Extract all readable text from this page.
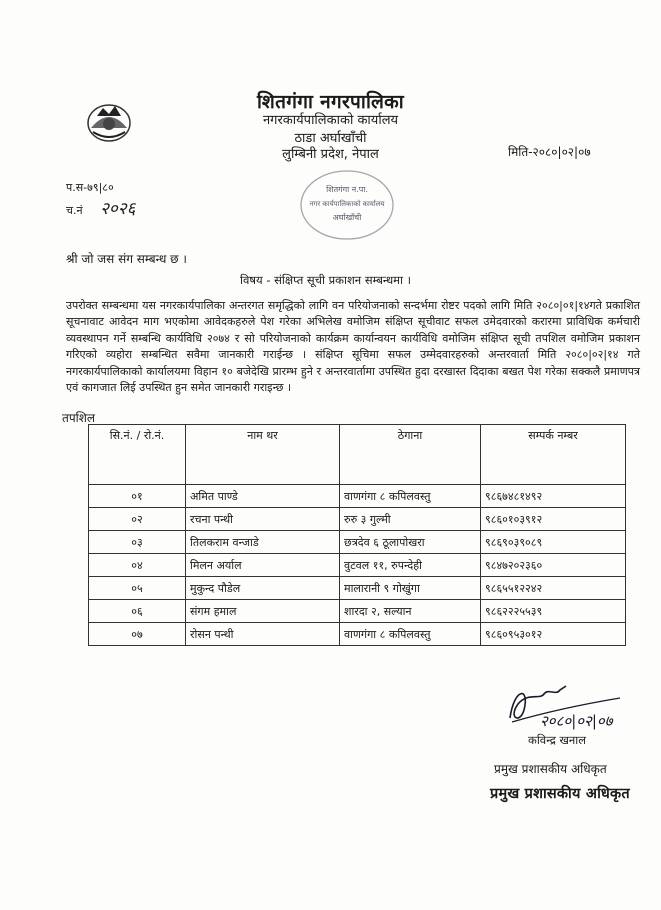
शितगंगा नगरपालिका
नगरकार्यपालिकाको कार्यालय
ठाडा अर्घाखाँची
लुम्बिनी प्रदेश, नेपाल	मिति-२०८०|०२|०७
प.स-७९|८०
च.नं २०२६
शितगंगा न.पा.
नगर कार्यपालिकाको कार्यालय
अर्घाखाँची
श्री जो जस संग सम्बन्ध छ ।
विषय - संक्षिप्त सूची प्रकाशन सम्बन्धमा ।
उपरोक्त सम्बन्धमा यस नगरकार्यपालिका अन्तरगत समृद्धिको लागि वन परियोजनाको सन्दर्भमा रोष्टर पदको लागि मिति २०८०|०१|१४गते प्रकाशित सूचनावाट आवेदन माग भएकोमा आवेदकहरुले पेश गरेका अभिलेख वमोजिम संक्षिप्त सूचीवाट सफल उमेदवारको करारमा प्राविधिक कर्मचारी व्यवस्थापन गर्ने सम्बन्धि कार्यविधि २०७४ र सो परियोजनाको कार्यक्रम कार्यान्वयन कार्यविधि वमोजिम संक्षिप्त सूची तपशिल वमोजिम प्रकाशन गरिएको व्यहोरा सम्बन्धित सवैमा जानकारी गराईन्छ । संक्षिप्त सूचिमा सफल उम्मेदवारहरुको अन्तरवार्ता मिति २०८०|०२|१४ गते नगरकार्यपालिकाको कार्यालयमा विहान १० बजेदेखि प्रारम्भ हुने र अन्तरवार्तामा उपस्थित हुदा दरखास्त दिदाका बखत पेश गरेका सक्कलै प्रमाणपत्र एवं कागजात लिई उपस्थित हुन समेत जानकारी गराइन्छ ।
तपशिल
सि.नं. / रो.नं.	नाम थर	ठेगाना	सम्पर्क नम्बर
०१	अमित पाण्डे	वाणगंगा ८ कपिलवस्तु	९८६७४८१४९२
०२	रचना पन्थी	रुरु ३ गुल्मी	९८६०१०३९१२
०३	तिलकराम वन्जाडे	छत्रदेव ६ ठूलापोखरा	९८६९०३९०८९
०४	मिलन अर्याल	वुटवल ११, रुपन्देही	९८४७२०२३६०
०५	मुकुन्द पौडेल	मालारानी ९ गोखुंगा	९८६५५१२२४२
०६	संगम हमाल	शारदा २, सल्यान	९८६२२२५५३९
०७	रोसन पन्थी	वाणगंगा ८ कपिलवस्तु	९८६०९५३०१२
२०८०|०२|०७
कविन्द्र खनाल
प्रमुख प्रशासकीय अधिकृत
प्रमुख प्रशासकीय अधिकृत
